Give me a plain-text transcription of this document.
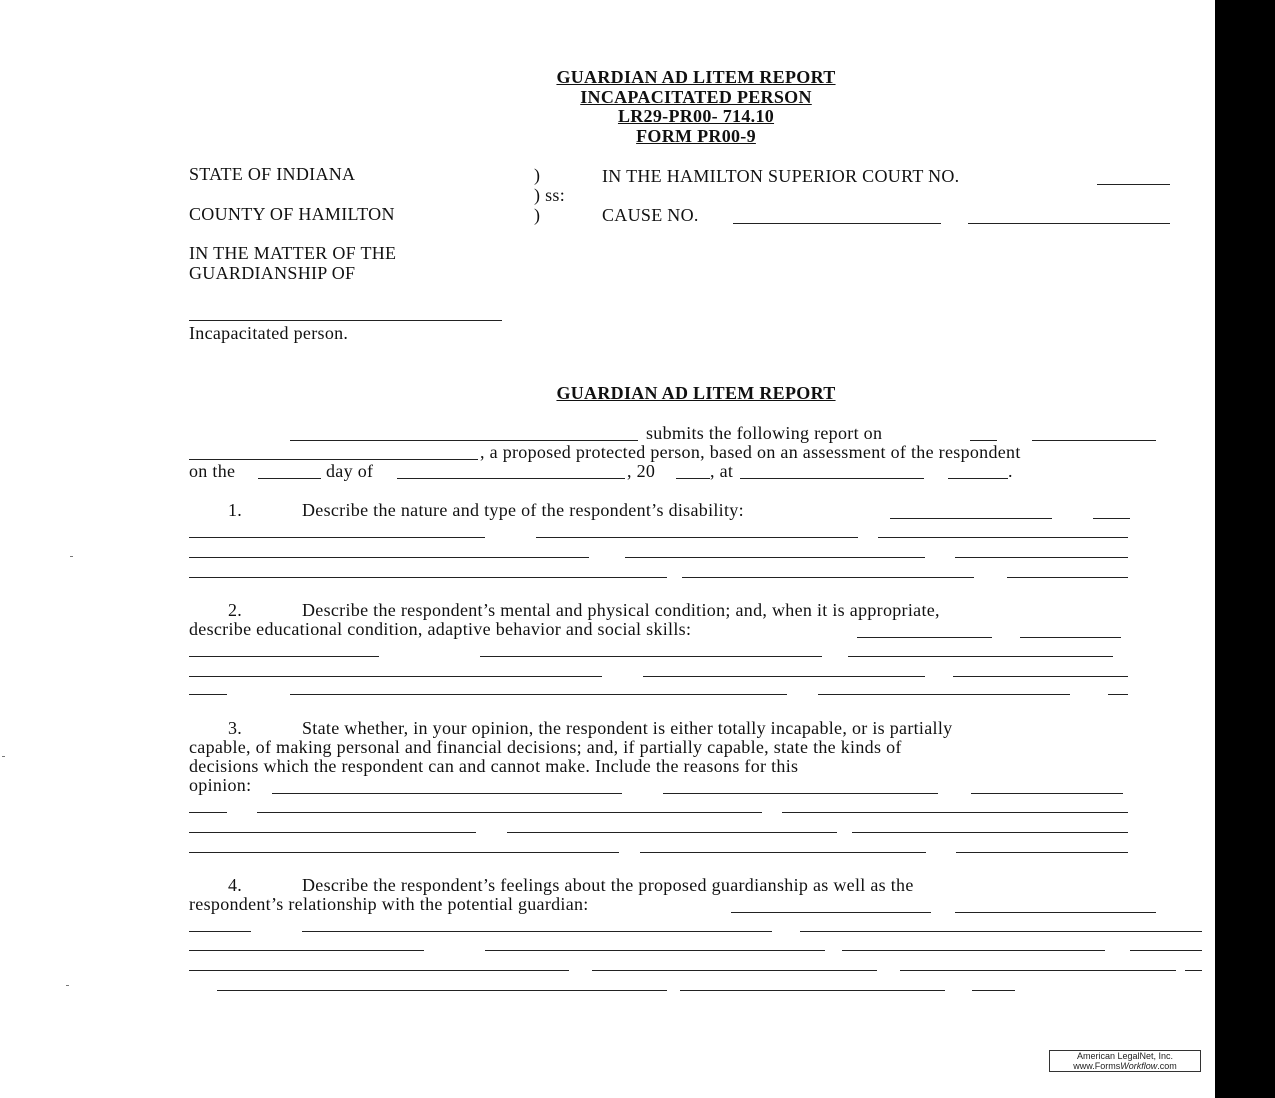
GUARDIAN AD LITEM REPORT
INCAPACITATED PERSON
LR29-PR00- 714.10
FORM PR00-9
STATE OF INDIANA
COUNTY OF HAMILTON
)
) ss:
)
IN THE HAMILTON SUPERIOR COURT NO.
CAUSE NO.
IN THE MATTER OF THE
GUARDIANSHIP OF
Incapacitated person.
GUARDIAN AD LITEM REPORT
submits the following report on
, a proposed protected person, based on an assessment of the respondent
on the	day of	, 20	, at	.
1.	Describe the nature and type of the respondent’s disability:
2.	Describe the respondent’s mental and physical condition; and, when it is appropriate,
describe educational condition, adaptive behavior and social skills:
3.	State whether, in your opinion, the respondent is either totally incapable, or is partially
capable, of making personal and financial decisions; and, if partially capable, state the kinds of
decisions which the respondent can and cannot make. Include the reasons for this
opinion:
4.	Describe the respondent’s feelings about the proposed guardianship as well as the
respondent’s relationship with the potential guardian:
American LegalNet, Inc.
www.FormsWorkflow.com
